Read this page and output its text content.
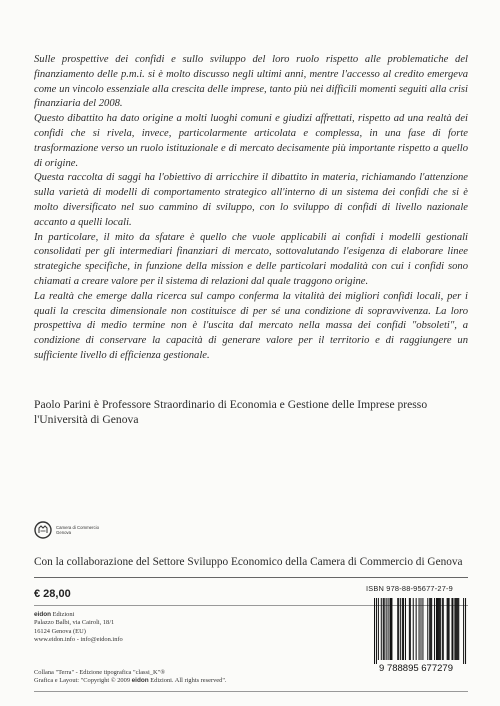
Sulle prospettive dei confidi e sullo sviluppo del loro ruolo rispetto alle problematiche del finanziamento delle p.m.i. si è molto discusso negli ultimi anni, mentre l'accesso al credito emergeva come un vincolo essenziale alla crescita delle imprese, tanto più nei difficili momenti seguiti alla crisi finanziaria del 2008.

Questo dibattito ha dato origine a molti luoghi comuni e giudizi affrettati, rispetto ad una realtà dei confidi che si rivela, invece, particolarmente articolata e complessa, in una fase di forte trasformazione verso un ruolo istituzionale e di mercato decisamente più importante rispetto a quello di origine.

Questa raccolta di saggi ha l'obiettivo di arricchire il dibattito in materia, richiamando l'attenzione sulla varietà di modelli di comportamento strategico all'interno di un sistema dei confidi che si è molto diversificato nel suo cammino di sviluppo, con lo sviluppo di confidi di livello nazionale accanto a quelli locali.

In particolare, il mito da sfatare è quello che vuole applicabili ai confidi i modelli gestionali consolidati per gli intermediari finanziari di mercato, sottovalutando l'esigenza di elaborare linee strategiche specifiche, in funzione della mission e delle particolari modalità con cui i confidi sono chiamati a creare valore per il sistema di relazioni dal quale traggono origine.

La realtà che emerge dalla ricerca sul campo conferma la vitalità dei migliori confidi locali, per i quali la crescita dimensionale non costituisce di per sé una condizione di sopravvivenza. La loro prospettiva di medio termine non è l'uscita dal mercato nella massa dei confidi "obsoleti", a condizione di conservare la capacità di generare valore per il territorio e di raggiungere un sufficiente livello di efficienza gestionale.

Paolo Parini è Professore Straordinario di Economia e Gestione delle Imprese presso l'Università di Genova

Camera di Commercio
Genova

Con la collaborazione del Settore Sviluppo Economico della Camera di Commercio di Genova

€ 28,00
eidon Edizioni
Palazzo Balbi, via Cairoli, 18/1
16124 Genova (EU)
www.eidon.info - info@eidon.info
Collana "Terra" - Edizione tipografica "classi_K"®
Grafica e Layout: "Copyright © 2009 eidon Edizioni. All rights reserved".
ISBN 978-88-95677-27-9
9 788895 677279
